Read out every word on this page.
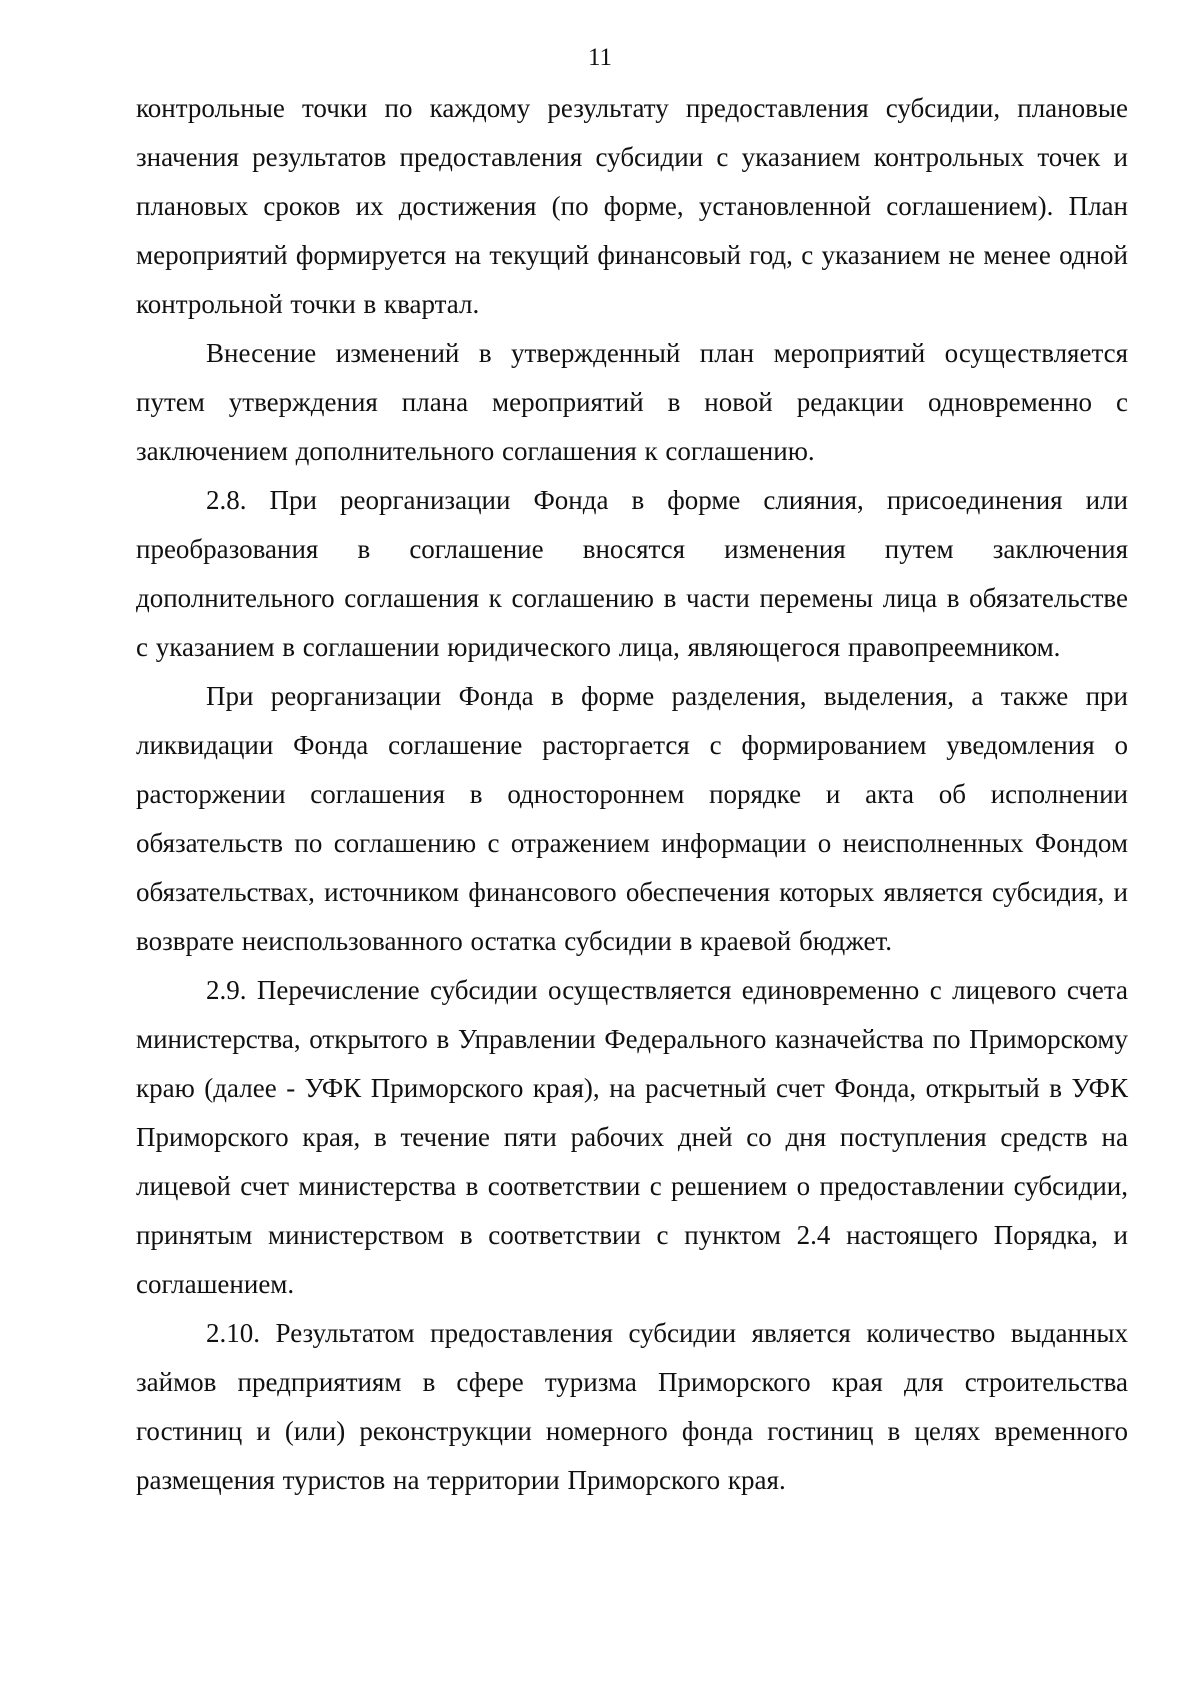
11

контрольные точки по каждому результату предоставления субсидии, плановые значения результатов предоставления субсидии с указанием контрольных точек и плановых сроков их достижения (по форме, установленной соглашением). План мероприятий формируется на текущий финансовый год, с указанием не менее одной контрольной точки в квартал.

Внесение изменений в утвержденный план мероприятий осуществляется путем утверждения плана мероприятий в новой редакции одновременно с заключением дополнительного соглашения к соглашению.

2.8. При реорганизации Фонда в форме слияния, присоединения или преобразования в соглашение вносятся изменения путем заключения дополнительного соглашения к соглашению в части перемены лица в обязательстве с указанием в соглашении юридического лица, являющегося правопреемником.

При реорганизации Фонда в форме разделения, выделения, а также при ликвидации Фонда соглашение расторгается с формированием уведомления о расторжении соглашения в одностороннем порядке и акта об исполнении обязательств по соглашению с отражением информации о неисполненных Фондом обязательствах, источником финансового обеспечения которых является субсидия, и возврате неиспользованного остатка субсидии в краевой бюджет.

2.9. Перечисление субсидии осуществляется единовременно с лицевого счета министерства, открытого в Управлении Федерального казначейства по Приморскому краю (далее - УФК Приморского края), на расчетный счет Фонда, открытый в УФК Приморского края, в течение пяти рабочих дней со дня поступления средств на лицевой счет министерства в соответствии с решением о предоставлении субсидии, принятым министерством в соответствии с пунктом 2.4 настоящего Порядка, и соглашением.

2.10. Результатом предоставления субсидии является количество выданных займов предприятиям в сфере туризма Приморского края для строительства гостиниц и (или) реконструкции номерного фонда гостиниц в целях временного размещения туристов на территории Приморского края.
